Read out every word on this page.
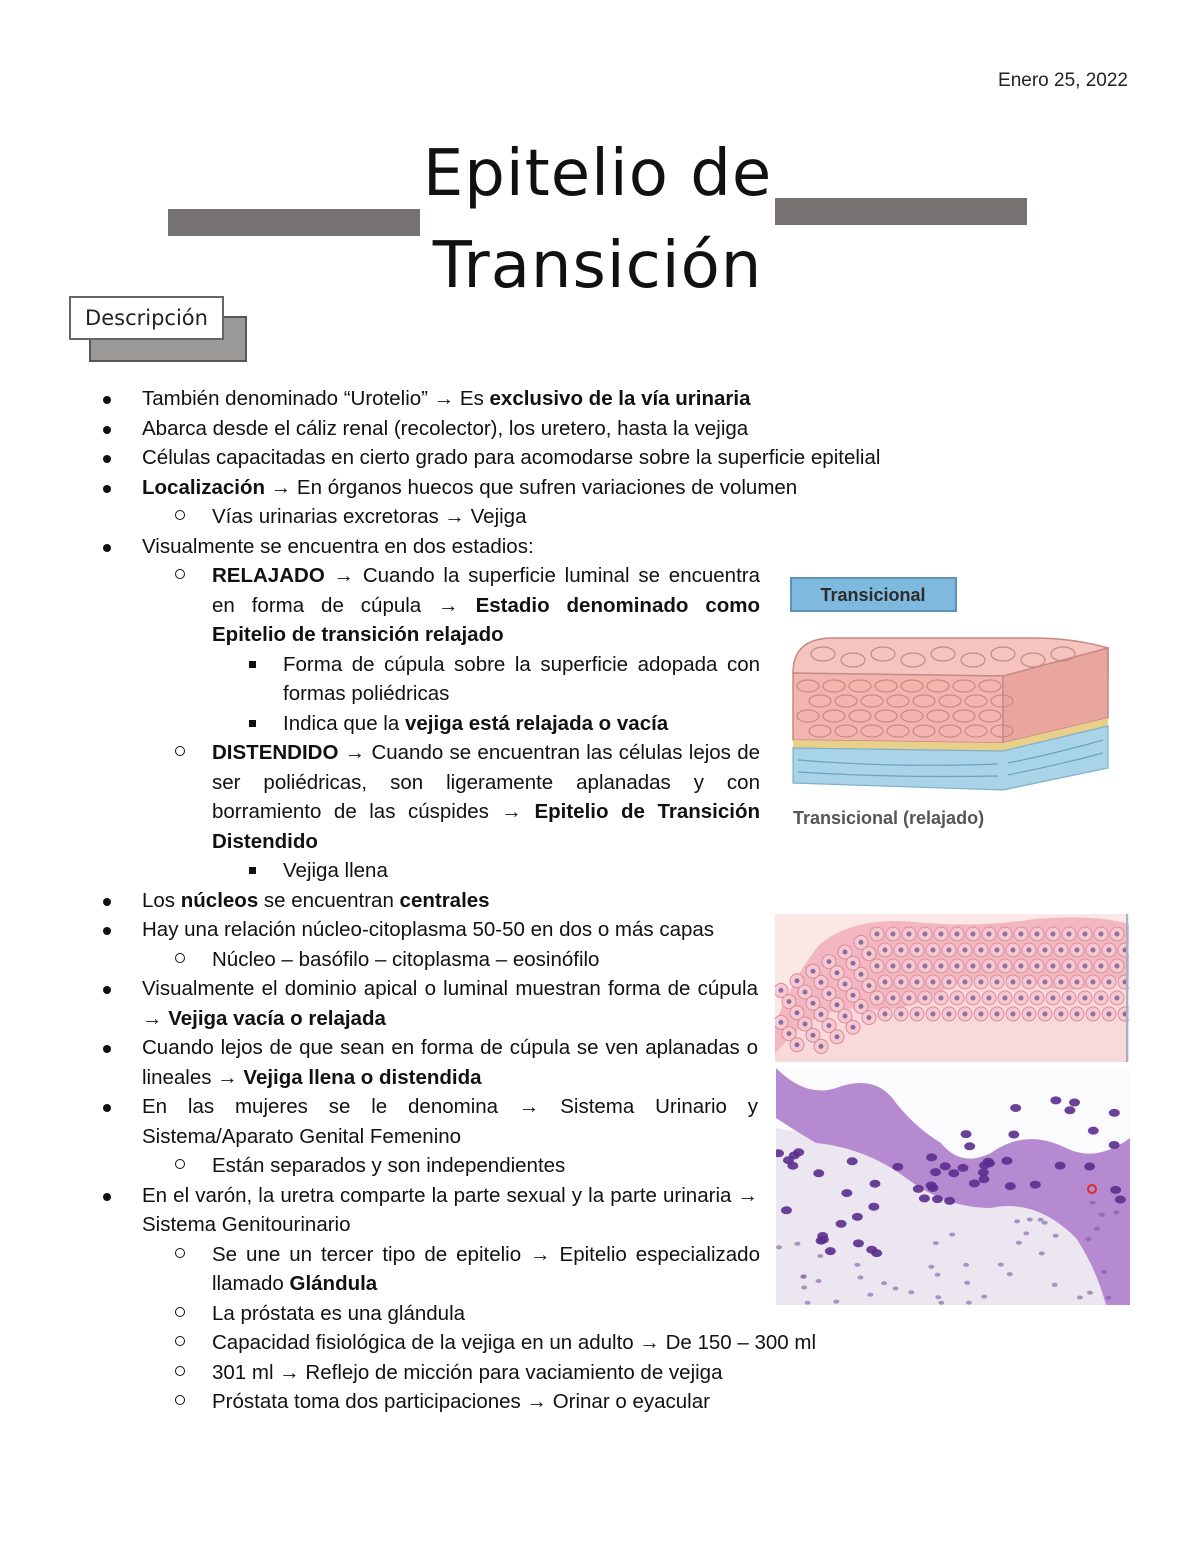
Enero 25, 2022
Epitelio de
Transición
Descripción
También denominado “Urotelio” → Es exclusivo de la vía urinaria
Abarca desde el cáliz renal (recolector), los uretero, hasta la vejiga
Células capacitadas en cierto grado para acomodarse sobre la superficie epitelial
Localización → En órganos huecos que sufren variaciones de volumen
Vías urinarias excretoras → Vejiga
Visualmente se encuentra en dos estadios:
RELAJADO → Cuando la superficie luminal se encuentra en forma de cúpula → Estadio denominado como Epitelio de transición relajado
Forma de cúpula sobre la superficie adopada con formas poliédricas
Indica que la vejiga está relajada o vacía
DISTENDIDO → Cuando se encuentran las células lejos de ser poliédricas, son ligeramente aplanadas y con borramiento de las cúspides → Epitelio de Transición Distendido
Vejiga llena
Los núcleos se encuentran centrales
Hay una relación núcleo-citoplasma 50-50 en dos o más capas
Núcleo – basófilo – citoplasma – eosinófilo
Visualmente el dominio apical o luminal muestran forma de cúpula → Vejiga vacía o relajada
Cuando lejos de que sean en forma de cúpula se ven aplanadas o lineales → Vejiga llena o distendida
En las mujeres se le denomina → Sistema Urinario y Sistema/Aparato Genital Femenino
Están separados y son independientes
En el varón, la uretra comparte la parte sexual y la parte urinaria → Sistema Genitourinario
Se une un tercer tipo de epitelio → Epitelio especializado llamado Glándula
La próstata es una glándula
Capacidad fisiológica de la vejiga en un adulto → De 150 – 300 ml
301 ml → Reflejo de micción para vaciamiento de vejiga
Próstata toma dos participaciones → Orinar o eyacular
Transicional
Transicional (relajado)
